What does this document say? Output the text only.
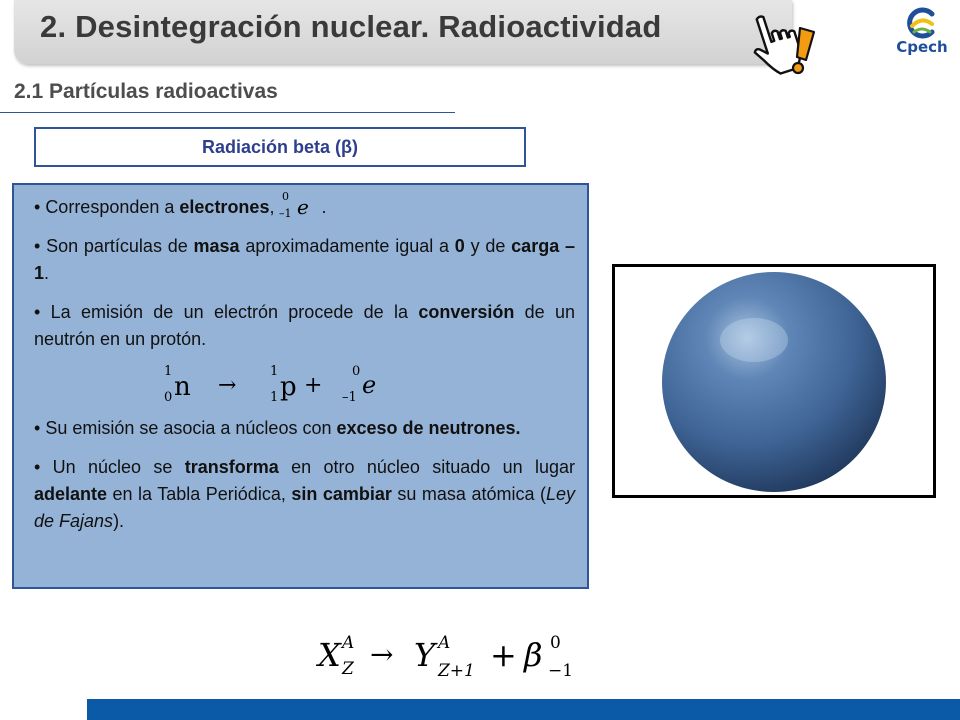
2. Desintegración nuclear. Radioactividad
Cpech
2.1 Partículas radioactivas
Radiación beta (β)

• Corresponden a electrones,
0
–1 e .

• Son partículas de masa aproximadamente igual a 0 y de carga –1.

• La emisión de un electrón procede de la conversión de un neutrón en un protón.

1
0 n →
1
1 p +
0
–1 e

• Su emisión se asocia a núcleos con exceso de neutrones.

• Un núcleo se transforma en otro núcleo situado un lugar adelante en la Tabla Periódica, sin cambiar su masa atómica (Ley de Fajans).

X A
Z → Y A
Z+1 + β 0
−1
